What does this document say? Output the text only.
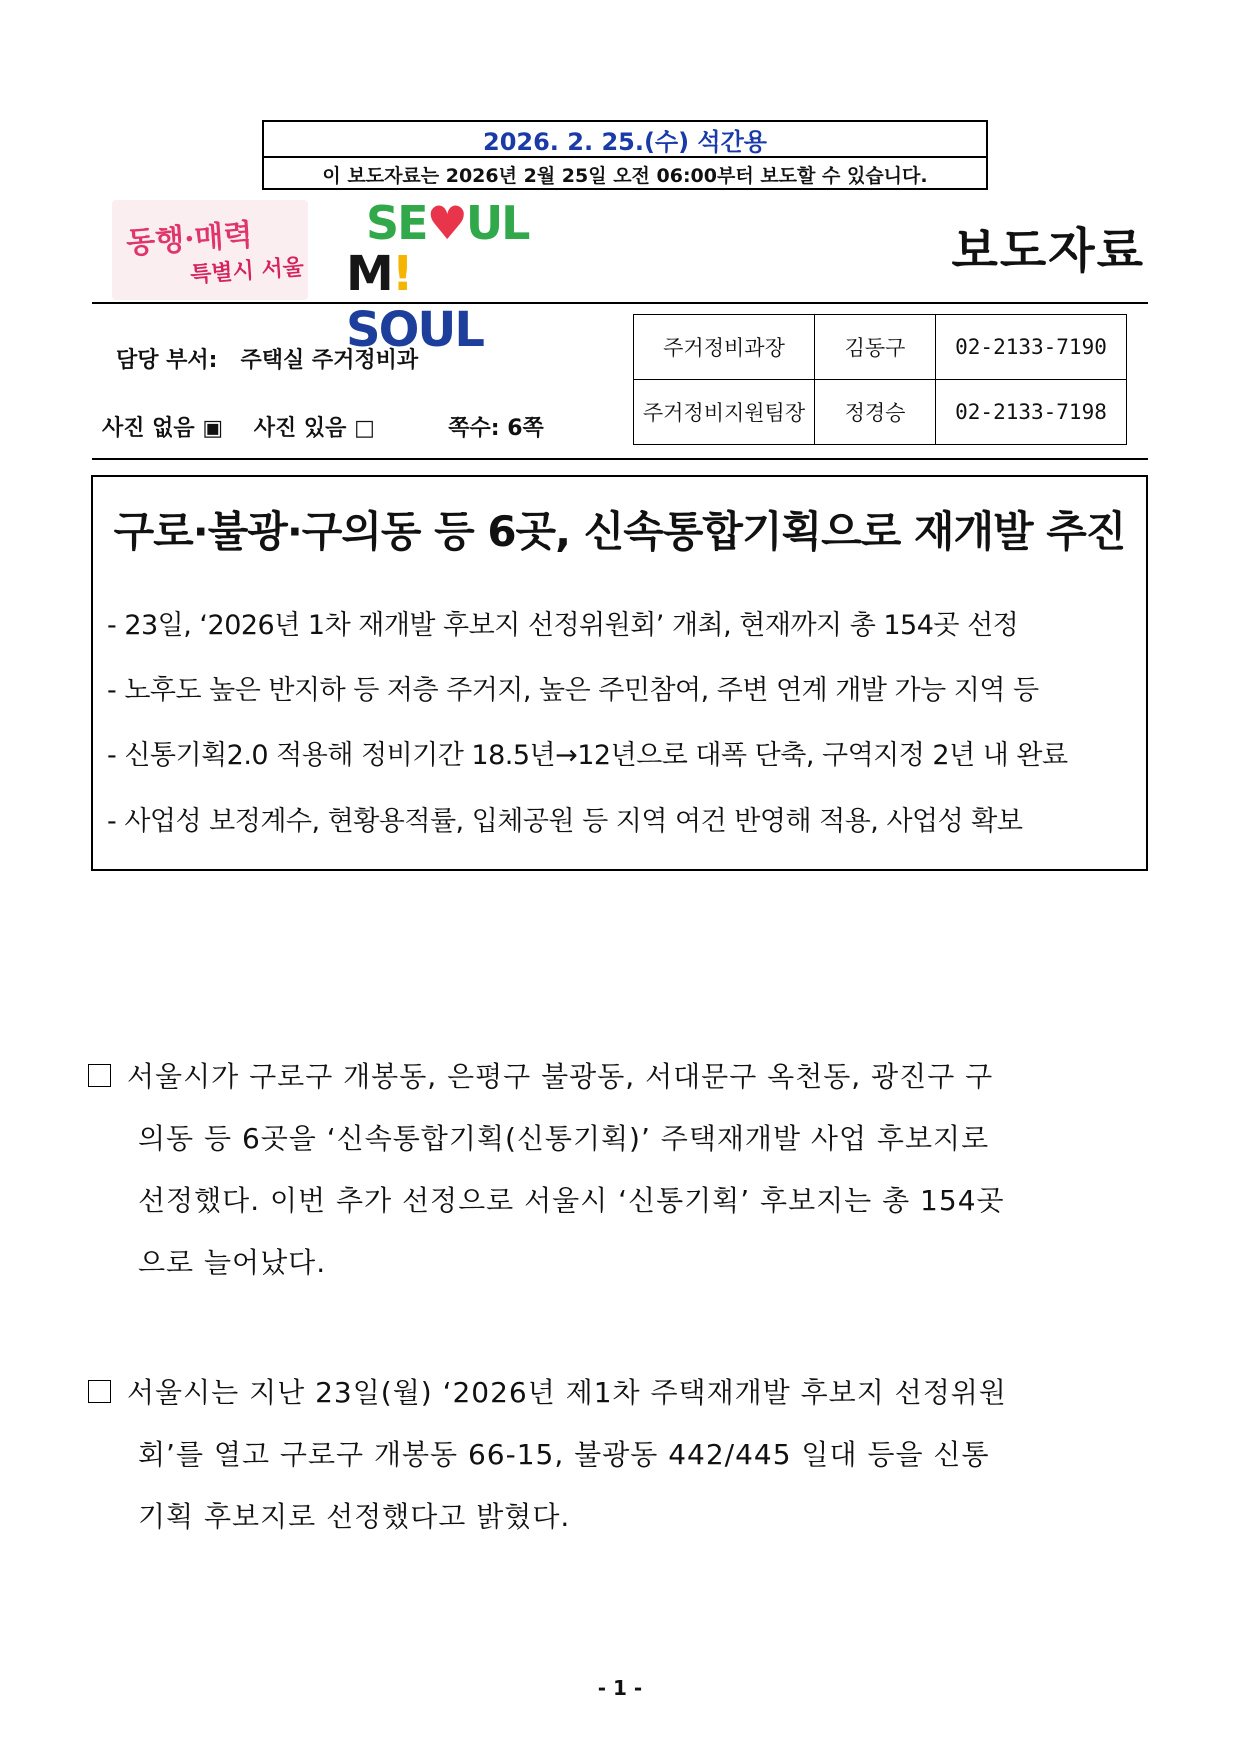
2026. 2. 25.(수) 석간용
이 보도자료는 2026년 2월 25일 오전 06:00부터 보도할 수 있습니다.
동행·매력
특별시 서울
SE♥UL
M! SOUL
보도자료
담당 부서: 주택실 주거정비과
사진 없음 ▣ 사진 있음 □	쪽수: 6쪽
주거정비과장	김동구	02-2133-7190
주거정비지원팀장	정경승	02-2133-7198
구로·불광·구의동 등 6곳, 신속통합기획으로 재개발 추진
- 23일, ‘2026년 1차 재개발 후보지 선정위원회’ 개최, 현재까지 총 154곳 선정
- 노후도 높은 반지하 등 저층 주거지, 높은 주민참여, 주변 연계 개발 가능 지역 등
- 신통기획2.0 적용해 정비기간 18.5년→12년으로 대폭 단축, 구역지정 2년 내 완료
- 사업성 보정계수, 현황용적률, 입체공원 등 지역 여건 반영해 적용, 사업성 확보
서울시가 구로구 개봉동, 은평구 불광동, 서대문구 옥천동, 광진구 구
의동 등 6곳을 ‘신속통합기획(신통기획)’ 주택재개발 사업 후보지로
선정했다. 이번 추가 선정으로 서울시 ‘신통기획’ 후보지는 총 154곳
으로 늘어났다.
서울시는 지난 23일(월) ‘2026년 제1차 주택재개발 후보지 선정위원
회’를 열고 구로구 개봉동 66-15, 불광동 442/445 일대 등을 신통
기획 후보지로 선정했다고 밝혔다.
- 1 -
